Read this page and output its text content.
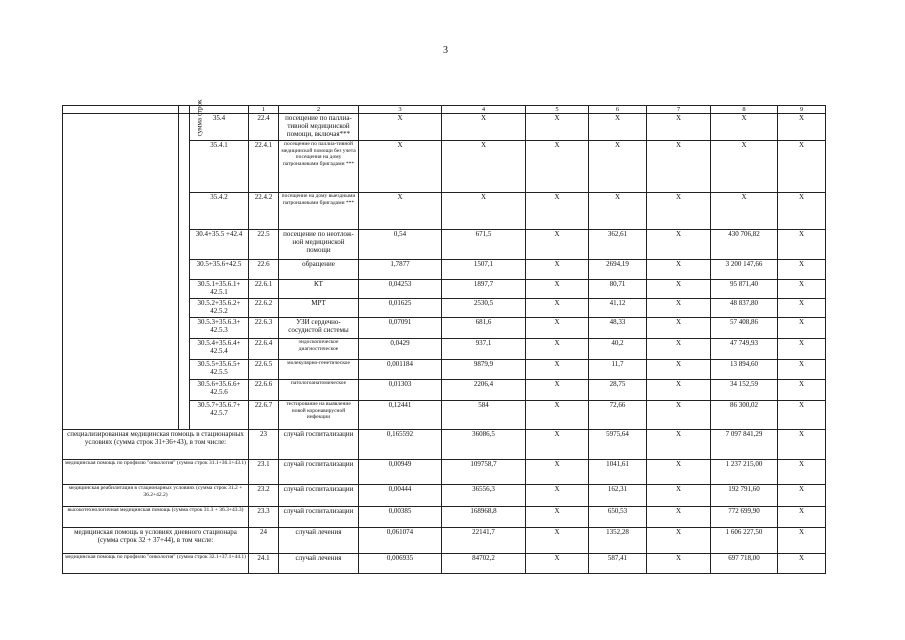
3
			1	2	3	4	5	6	7	8	9
	сумма строк	35.4	22.4	посещение по паллиа-тивной медицинской помощи, включая***	Х	Х	Х	Х	Х	Х	Х
		35.4.1	22.4.1	посещение по паллиа-тивной медицинской помощи без учета посещения на дому патронажными бригадами ***	Х	Х	Х	Х	Х	Х	Х
		35.4.2	22.4.2	посещение на дому выездными патронажными бригадами ***	Х	Х	Х	Х	Х	Х	Х
		30.4+35.5 +42.4	22.5	посещение по неотлож-ной медицинской помощи	0,54	671,5	Х	362,61	Х	430 706,82	Х
		30.5+35.6+42.5	22.6	обращение	1,7877	1507,1	Х	2694,19	Х	3 200 147,66	Х
		30.5.1+35.6.1+ 42.5.1	22.6.1	КТ	0,04253	1897,7	Х	80,71	Х	95 871,40	Х
		30.5.2+35.6.2+ 42.5.2	22.6.2	МРТ	0,01625	2530,5	Х	41,12	Х	48 837,80	Х
		30.5.3+35.6.3+ 42.5.3	22.6.3	УЗИ сердечно-сосудистой системы	0,07091	681,6	Х	48,33	Х	57 408,86	Х
		30.5.4+35.6.4+ 42.5.4	22.6.4	эндоскопическое диагностическое	0,0429	937,1	Х	40,2	Х	47 749,93	Х
		30.5.5+35.6.5+ 42.5.5	22.6.5	молекулярно-генетическое	0,001184	9879,9	Х	11,7	Х	13 894,60	Х
		30.5.6+35.6.6+ 42.5.6	22.6.6	патологоанатомическое	0,01303	2206,4	Х	28,75	Х	34 152,59	Х
		30.5.7+35.6.7+ 42.5.7	22.6.7	тестирование на выявление новой коронавирусной инфекции	0,12441	584	Х	72,66	Х	86 300,02	Х
специализированная медицинская помощь в стационарных условиях (сумма строк 31+36+43), в том числе:			23	случай госпитализации	0,165592	36086,5	Х	5975,64	Х	7 097 841,29	Х
медицинская помощь по профилю "онкология" (сумма строк 31.1+36.1+43.1)			23.1	случай госпитализации	0,00949	109758,7	Х	1041,61	Х	1 237 215,00	Х
медицинская реабилитация в стационарных условиях (сумма строк 31.2 + 36.2+42.2)			23.2	случай госпитализации	0,00444	36556,3	Х	162,31	Х	192 791,60	Х
высокотехнологичная медицинская помощь (сумма строк 31.3 + 36.3+43.3)			23.3	случай госпитализации	0,00385	168968,8	Х	650,53	Х	772 699,90	Х
медицинская помощь в условиях дневного стационара (сумма строк 32 + 37+44), в том числе:			24	случай лечения	0,061074	22141,7	Х	1352,28	Х	1 606 227,50	Х
медицинская помощь по профилю "онкология" (сумма строк 32.1+37.1+44.1)			24.1	случай лечения	0,006935	84702,2	Х	587,41	Х	697 718,00	Х
